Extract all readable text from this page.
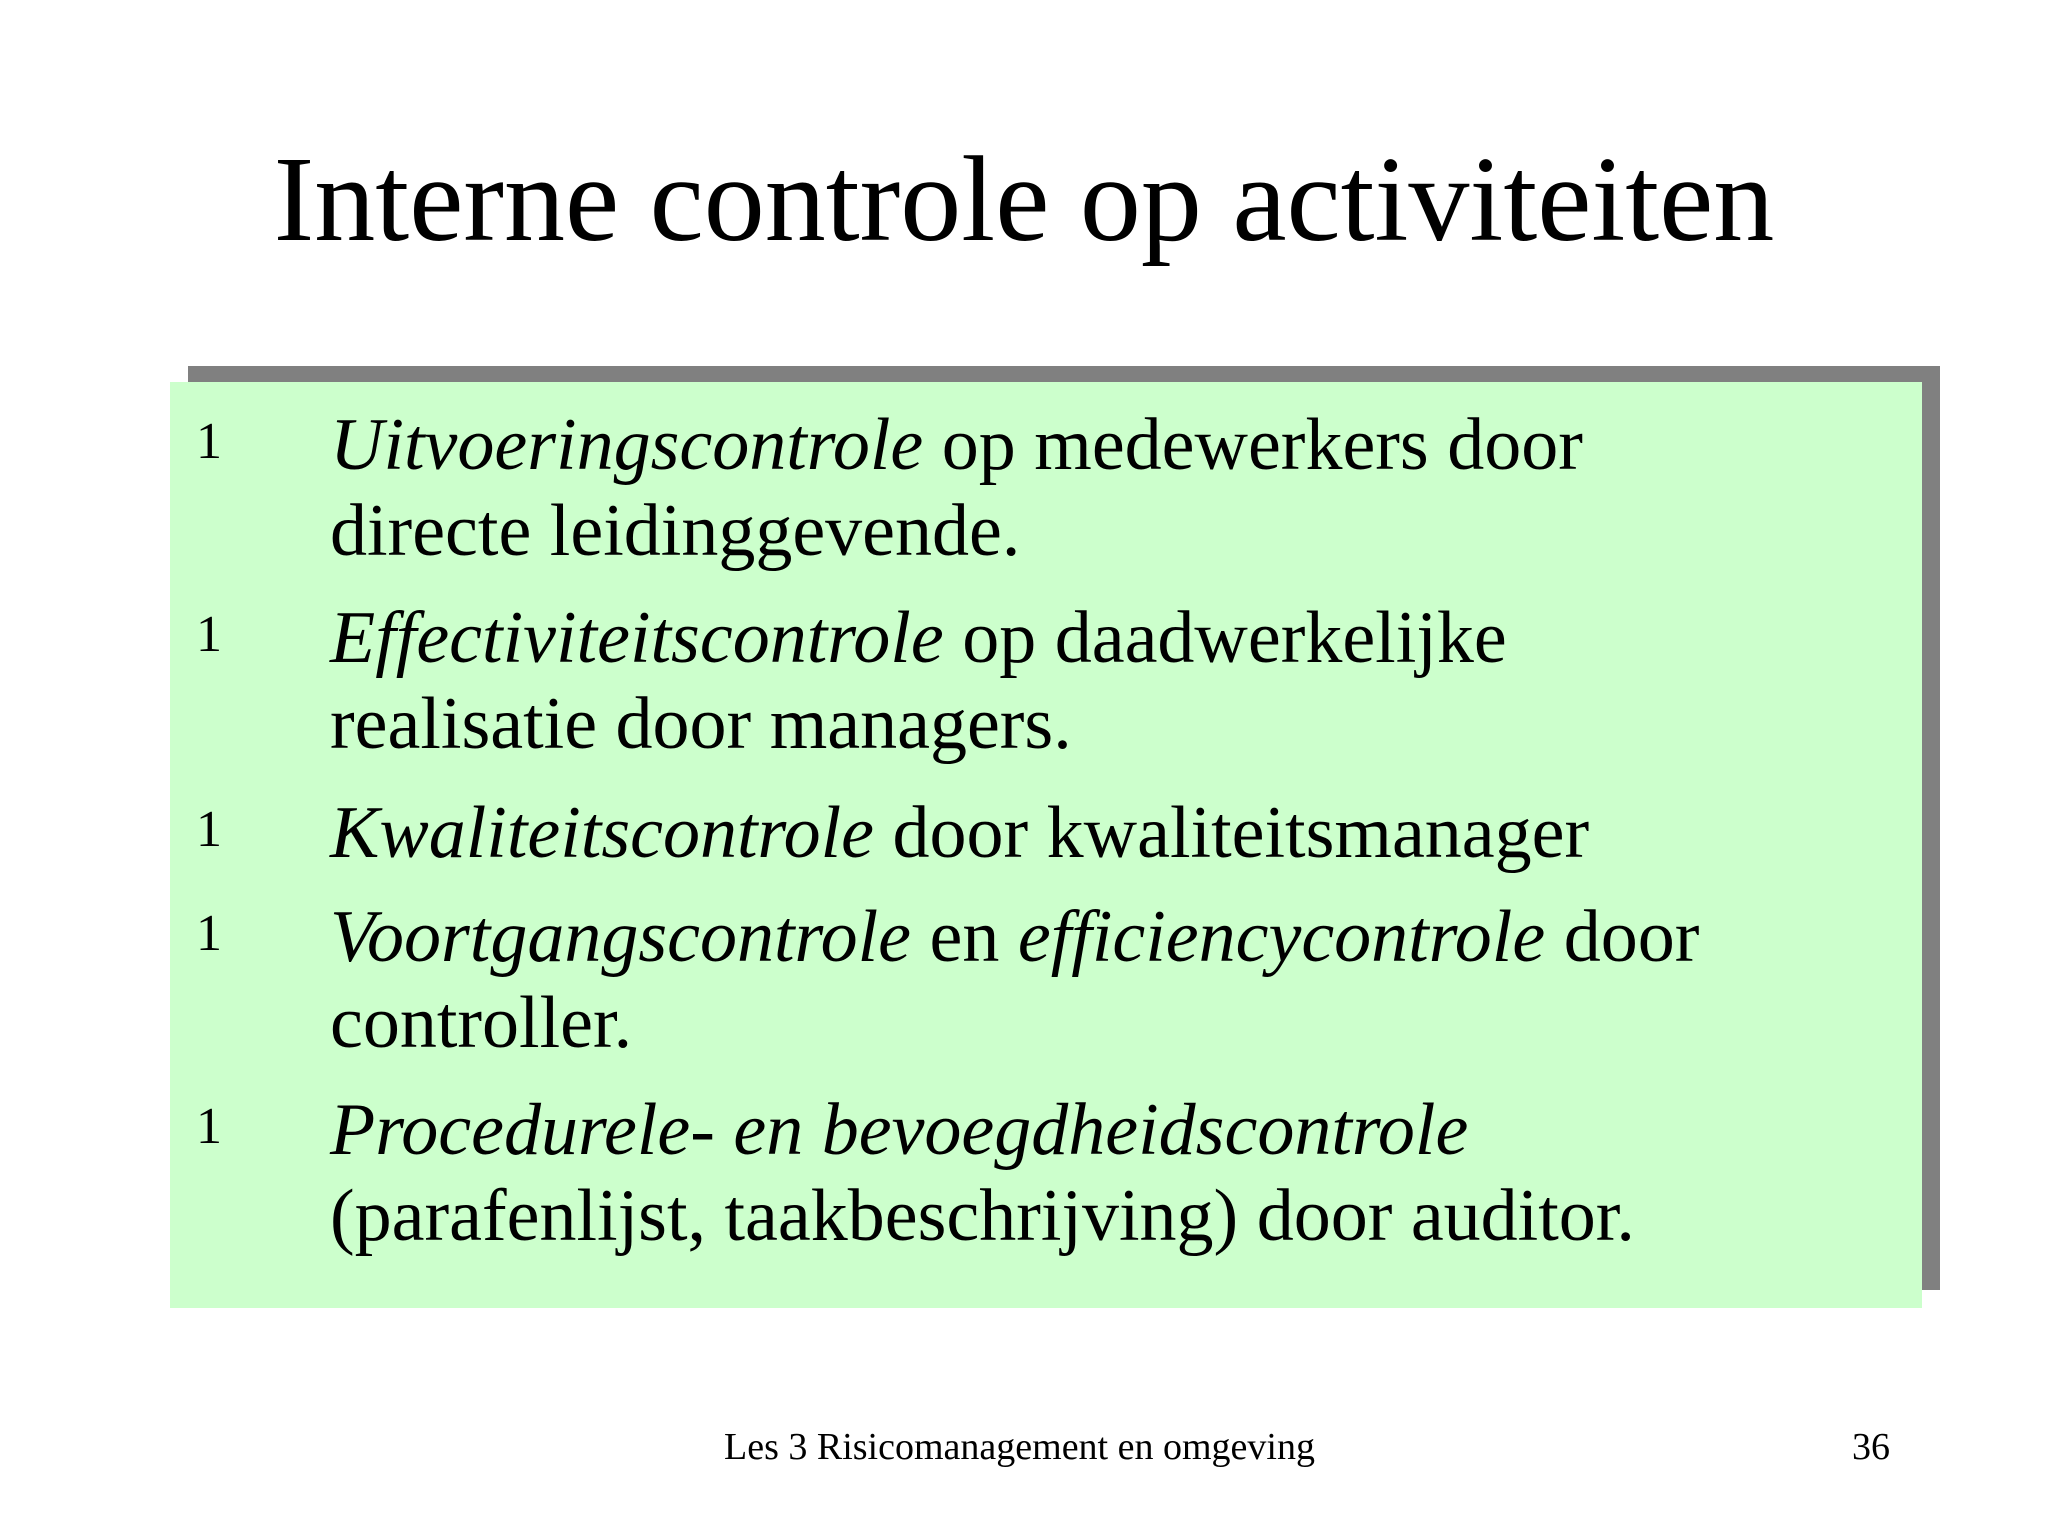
Interne controle op activiteiten
1 Uitvoeringscontrole op medewerkers door
directe leidinggevende.
1 Effectiviteitscontrole op daadwerkelijke
realisatie door managers.
1 Kwaliteitscontrole door kwaliteitsmanager
1 Voortgangscontrole en efficiencycontrole door
controller.
1 Procedurele- en bevoegdheidscontrole
(parafenlijst, taakbeschrijving) door auditor.
Les 3 Risicomanagement en omgeving	36
